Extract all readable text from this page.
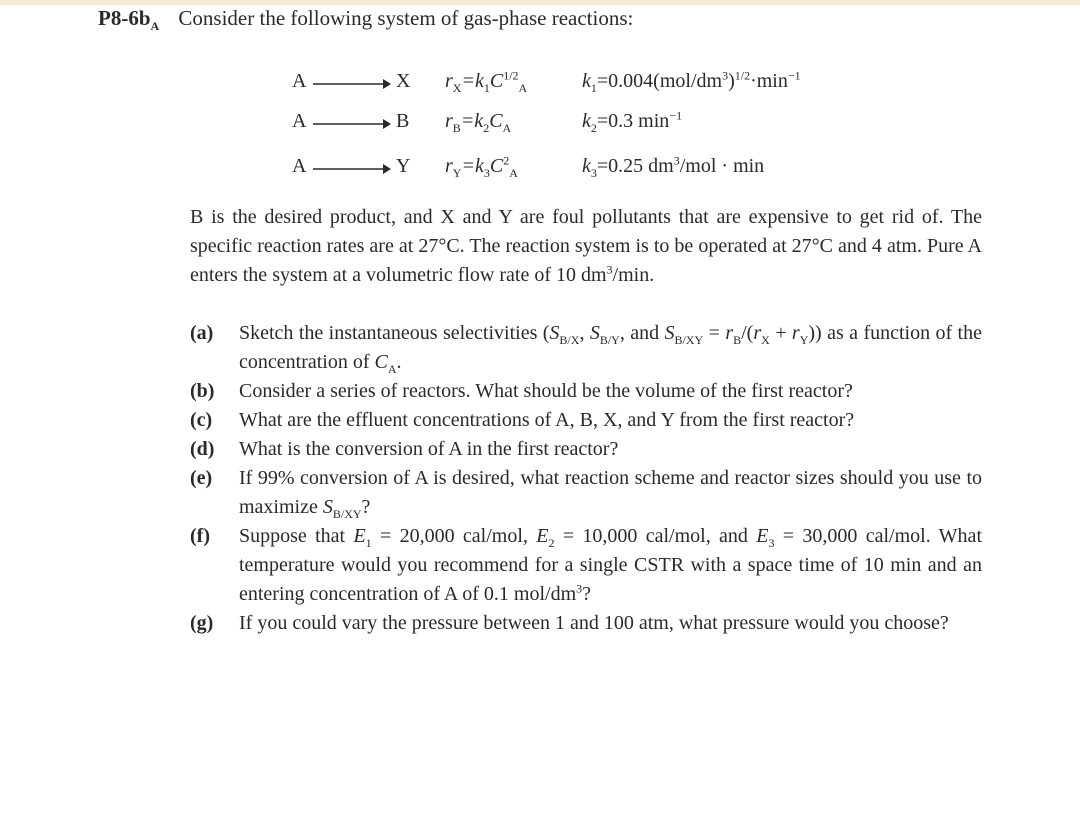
$P8-6b_A$ Consider the following system of gas-phase reactions:
A → X $r_X=k_1C^{1/2}_A$	$k_1=0.004(mol/dm^3)^{1/2}\cdot\min^{-1}$
A → B $r_B=k_2C_A$	$k_2=0.3$ $\min^{-1}$
A → Y $r_Y=k_3C^2_A$	$k_3=0.25$ $dm^3$/mol · min

B is the desired product, and X and Y are foul pollutants that are expensive to get rid of. The specific reaction rates are at 27°C. The reaction system is to be operated at 27°C and 4 atm. Pure A enters the system at a volumetric flow rate of 10 $dm^3/\min$.

(a) Sketch the instantaneous selectivities ($S_{B/X}$, $S_{B/Y}$, and $S_{B/XY} = r_B/(r_X + r_Y)$) as a function of the concentration of $C_A$.
(b) Consider a series of reactors. What should be the volume of the first reactor?
(c) What are the effluent concentrations of A, B, X, and Y from the first reactor?
(d) What is the conversion of A in the first reactor?
(e) If 99% conversion of A is desired, what reaction scheme and reactor sizes should you use to maximize $S_{B/XY}$?
(f) Suppose that $E_1 = 20,000$ cal/mol, $E_2 = 10,000$ cal/mol, and $E_3 = 30,000$ cal/mol. What temperature would you recommend for a single CSTR with a space time of 10 min and an entering concentration of A of 0.1 mol/$dm^3$?
(g) If you could vary the pressure between 1 and 100 atm, what pressure would you choose?
